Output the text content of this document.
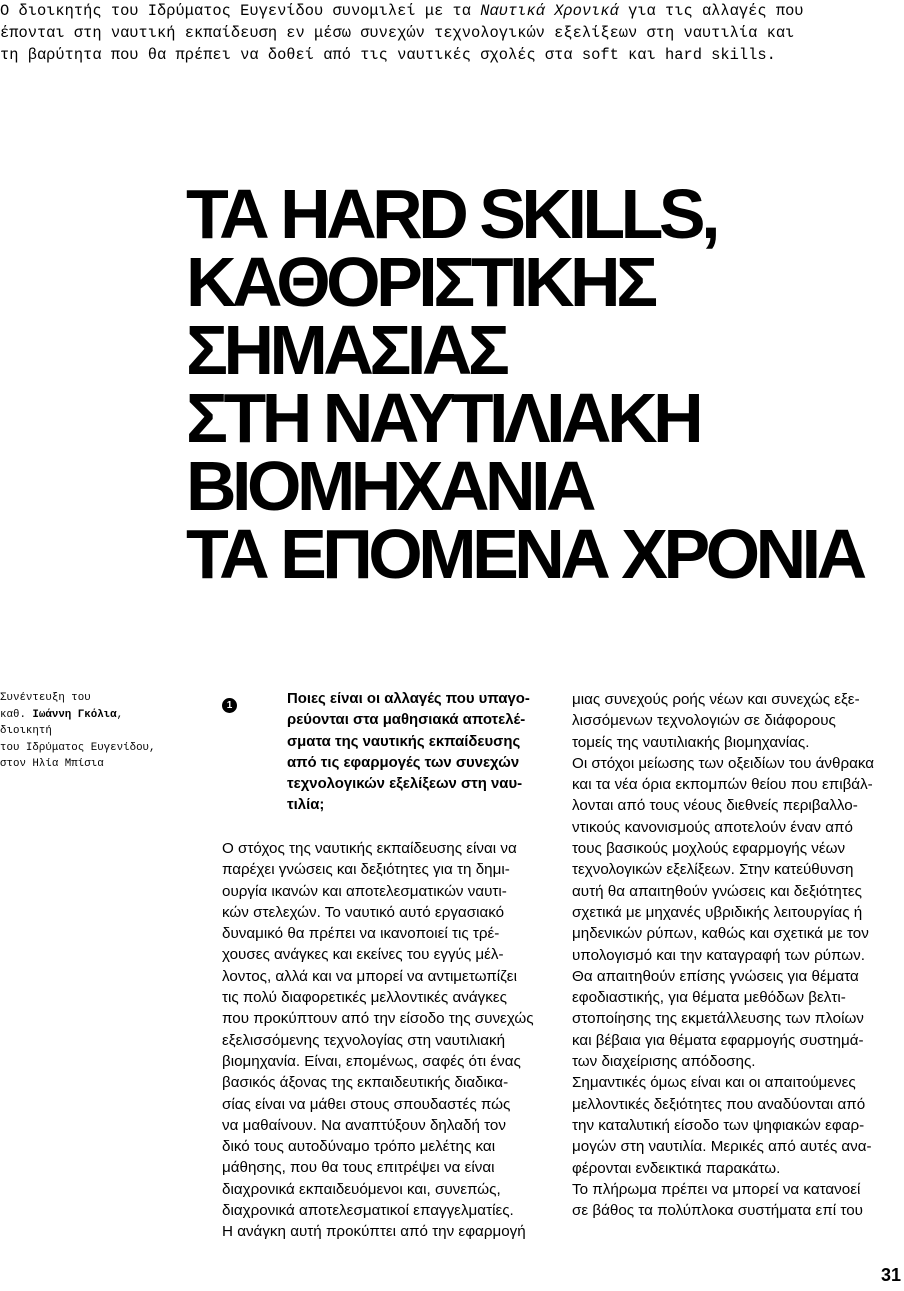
Ο διοικητής του Ιδρύματος Ευγενίδου συνομιλεί με τα Ναυτικά Χρονικά για τις αλλαγές που
έπονται στη ναυτική εκπαίδευση εν μέσω συνεχών τεχνολογικών εξελίξεων στη ναυτιλία και
τη βαρύτητα που θα πρέπει να δοθεί από τις ναυτικές σχολές στα soft και hard skills.
ΤΑ HARD SKILLS,
ΚΑΘΟΡΙΣΤΙΚΗΣ
ΣΗΜΑΣΙΑΣ
ΣΤΗ ΝΑΥΤΙΛΙΑΚΗ
ΒΙΟΜΗΧΑΝΙΑ
ΤΑ ΕΠΟΜΕΝΑ ΧΡΟΝΙΑ
Συνέντευξη του
καθ. Ιωάννη Γκόλια,
διοικητή
του Ιδρύματος Ευγενίδου,
στον Ηλία Μπίσια
1	Ποιες είναι οι αλλαγές που υπαγο-
ρεύονται στα μαθησιακά αποτελέ-
σματα της ναυτικής εκπαίδευσης
από τις εφαρμογές των συνεχών
τεχνολογικών εξελίξεων στη ναυ-
τιλία;
Ο στόχος της ναυτικής εκπαίδευσης είναι να
παρέχει γνώσεις και δεξιότητες για τη δημι-
ουργία ικανών και αποτελεσματικών ναυτι-
κών στελεχών. Το ναυτικό αυτό εργασιακό
δυναμικό θα πρέπει να ικανοποιεί τις τρέ-
χουσες ανάγκες και εκείνες του εγγύς μέλ-
λοντος, αλλά και να μπορεί να αντιμετωπίζει
τις πολύ διαφορετικές μελλοντικές ανάγκες
που προκύπτουν από την είσοδο της συνεχώς
εξελισσόμενης τεχνολογίας στη ναυτιλιακή
βιομηχανία. Είναι, επομένως, σαφές ότι ένας
βασικός άξονας της εκπαιδευτικής διαδικα-
σίας είναι να μάθει στους σπουδαστές πώς
να μαθαίνουν. Να αναπτύξουν δηλαδή τον
δικό τους αυτοδύναμο τρόπο μελέτης και
μάθησης, που θα τους επιτρέψει να είναι
διαχρονικά εκπαιδευόμενοι και, συνεπώς,
διαχρονικά αποτελεσματικοί επαγγελματίες.
Η ανάγκη αυτή προκύπτει από την εφαρμογή
μιας συνεχούς ροής νέων και συνεχώς εξε-
λισσόμενων τεχνολογιών σε διάφορους
τομείς της ναυτιλιακής βιομηχανίας.
Οι στόχοι μείωσης των οξειδίων του άνθρακα
και τα νέα όρια εκπομπών θείου που επιβάλ-
λονται από τους νέους διεθνείς περιβαλλο-
ντικούς κανονισμούς αποτελούν έναν από
τους βασικούς μοχλούς εφαρμογής νέων
τεχνολογικών εξελίξεων. Στην κατεύθυνση
αυτή θα απαιτηθούν γνώσεις και δεξιότητες
σχετικά με μηχανές υβριδικής λειτουργίας ή
μηδενικών ρύπων, καθώς και σχετικά με τον
υπολογισμό και την καταγραφή των ρύπων.
Θα απαιτηθούν επίσης γνώσεις για θέματα
εφοδιαστικής, για θέματα μεθόδων βελτι-
στοποίησης της εκμετάλλευσης των πλοίων
και βέβαια για θέματα εφαρμογής συστημά-
των διαχείρισης απόδοσης.
Σημαντικές όμως είναι και οι απαιτούμενες
μελλοντικές δεξιότητες που αναδύονται από
την καταλυτική είσοδο των ψηφιακών εφαρ-
μογών στη ναυτιλία. Μερικές από αυτές ανα-
φέρονται ενδεικτικά παρακάτω.
Το πλήρωμα πρέπει να μπορεί να κατανοεί
σε βάθος τα πολύπλοκα συστήματα επί του
31
